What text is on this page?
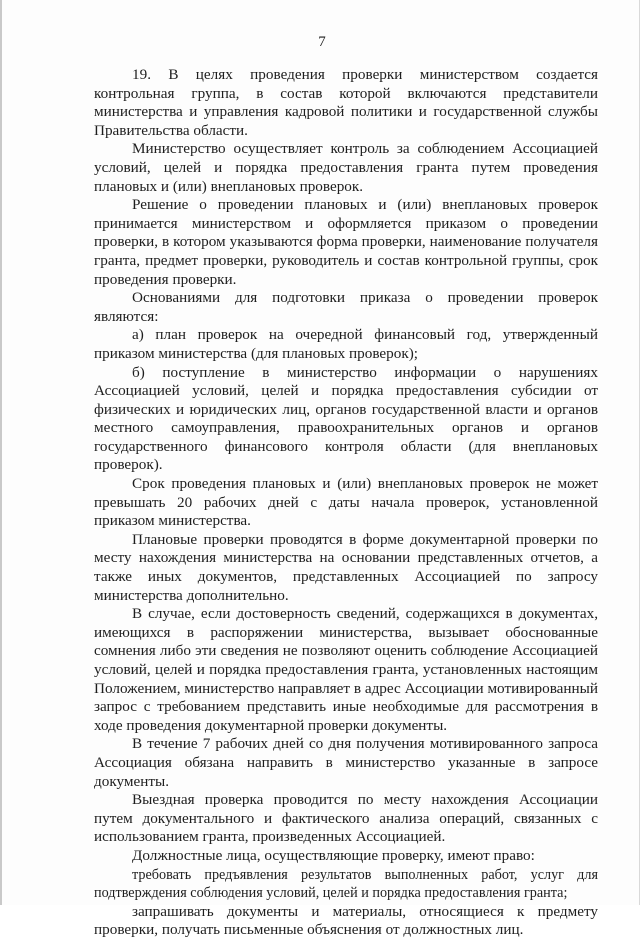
7

19. В целях проведения проверки министерством создается контрольная группа, в состав которой включаются представители министерства и управления кадровой политики и государственной службы Правительства области.

Министерство осуществляет контроль за соблюдением Ассоциацией условий, целей и порядка предоставления гранта путем проведения плановых и (или) внеплановых проверок.

Решение о проведении плановых и (или) внеплановых проверок принимается министерством и оформляется приказом о проведении проверки, в котором указываются форма проверки, наименование получателя гранта, предмет проверки, руководитель и состав контрольной группы, срок проведения проверки.

Основаниями для подготовки приказа о проведении проверок являются:

а) план проверок на очередной финансовый год, утвержденный приказом министерства (для плановых проверок);

б) поступление в министерство информации о нарушениях Ассоциацией условий, целей и порядка предоставления субсидии от физических и юридических лиц, органов государственной власти и органов местного самоуправления, правоохранительных органов и органов государственного финансового контроля области (для внеплановых проверок).

Срок проведения плановых и (или) внеплановых проверок не может превышать 20 рабочих дней с даты начала проверок, установленной приказом министерства.

Плановые проверки проводятся в форме документарной проверки по месту нахождения министерства на основании представленных отчетов, а также иных документов, представленных Ассоциацией по запросу министерства дополнительно.

В случае, если достоверность сведений, содержащихся в документах, имеющихся в распоряжении министерства, вызывает обоснованные сомнения либо эти сведения не позволяют оценить соблюдение Ассоциацией условий, целей и порядка предоставления гранта, установленных настоящим Положением, министерство направляет в адрес Ассоциации мотивированный запрос с требованием представить иные необходимые для рассмотрения в ходе проведения документарной проверки документы.

В течение 7 рабочих дней со дня получения мотивированного запроса Ассоциация обязана направить в министерство указанные в запросе документы.

Выездная проверка проводится по месту нахождения Ассоциации путем документального и фактического анализа операций, связанных с использованием гранта, произведенных Ассоциацией.

Должностные лица, осуществляющие проверку, имеют право:

требовать предъявления результатов выполненных работ, услуг для подтверждения соблюдения условий, целей и порядка предоставления гранта;

запрашивать документы и материалы, относящиеся к предмету проверки, получать письменные объяснения от должностных лиц.
